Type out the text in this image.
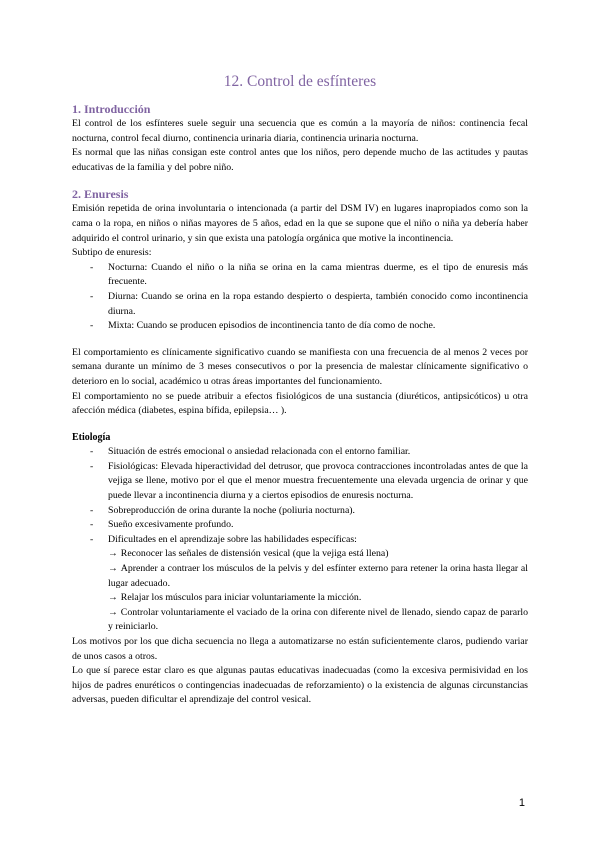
12. Control de esfínteres
1. Introducción

El control de los esfínteres suele seguir una secuencia que es común a la mayoría de niños: continencia fecal nocturna, control fecal diurno, continencia urinaria diaria, continencia urinaria nocturna.

Es normal que las niñas consigan este control antes que los niños, pero depende mucho de las actitudes y pautas educativas de la familia y del pobre niño.

2. Enuresis

Emisión repetida de orina involuntaria o intencionada (a partir del DSM IV) en lugares inapropiados como son la cama o la ropa, en niños o niñas mayores de 5 años, edad en la que se supone que el niño o niña ya debería haber adquirido el control urinario, y sin que exista una patología orgánica que motive la incontinencia.

Subtipo de enuresis:

- Nocturna: Cuando el niño o la niña se orina en la cama mientras duerme, es el tipo de enuresis más frecuente.
- Diurna: Cuando se orina en la ropa estando despierto o despierta, también conocido como incontinencia diurna.
- Mixta: Cuando se producen episodios de incontinencia tanto de día como de noche.

El comportamiento es clínicamente significativo cuando se manifiesta con una frecuencia de al menos 2 veces por semana durante un mínimo de 3 meses consecutivos o por la presencia de malestar clínicamente significativo o deterioro en lo social, académico u otras áreas importantes del funcionamiento.

El comportamiento no se puede atribuir a efectos fisiológicos de una sustancia (diuréticos, antipsicóticos) u otra afección médica (diabetes, espina bífida, epilepsia… ).

Etiología
- Situación de estrés emocional o ansiedad relacionada con el entorno familiar.
- Fisiológicas: Elevada hiperactividad del detrusor, que provoca contracciones incontroladas antes de que la vejiga se llene, motivo por el que el menor muestra frecuentemente una elevada urgencia de orinar y que puede llevar a incontinencia diurna y a ciertos episodios de enuresis nocturna.
- Sobreproducción de orina durante la noche (poliuria nocturna).
- Sueño excesivamente profundo.
- Dificultades en el aprendizaje sobre las habilidades específicas:
→ Reconocer las señales de distensión vesical (que la vejiga está llena)
→ Aprender a contraer los músculos de la pelvis y del esfínter externo para retener la orina hasta llegar al lugar adecuado.
→ Relajar los músculos para iniciar voluntariamente la micción.
→ Controlar voluntariamente el vaciado de la orina con diferente nivel de llenado, siendo capaz de pararlo y reiniciarlo.

Los motivos por los que dicha secuencia no llega a automatizarse no están suficientemente claros, pudiendo variar de unos casos a otros.

Lo que sí parece estar claro es que algunas pautas educativas inadecuadas (como la excesiva permisividad en los hijos de padres enuréticos o contingencias inadecuadas de reforzamiento) o la existencia de algunas circunstancias adversas, pueden dificultar el aprendizaje del control vesical.

1
